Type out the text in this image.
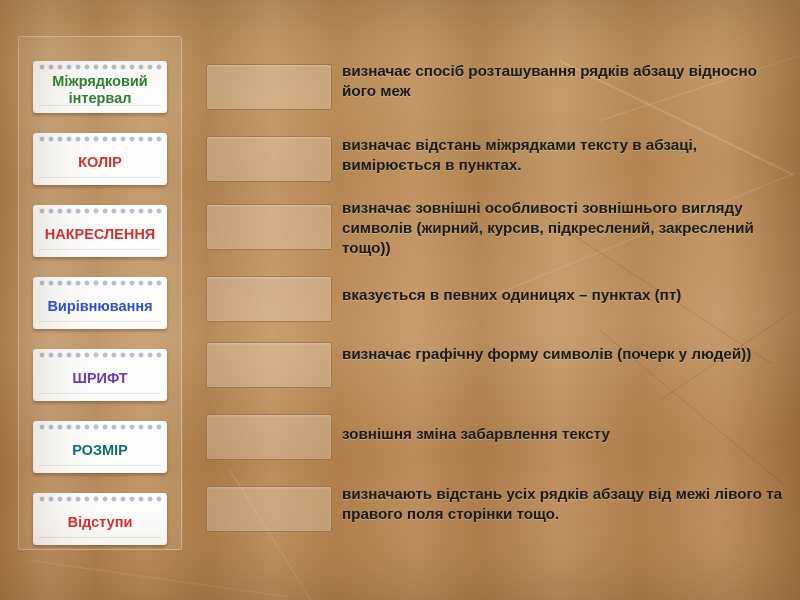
Міжрядковий інтервал
КОЛІР
НАКРЕСЛЕННЯ
Вирівнювання
ШРИФТ
РОЗМІР
Відступи
визначає спосіб розташування рядків абзацу відносно його меж
визначає відстань міжрядками тексту в абзаці, вимірюється в пунктах.
визначає зовнішні особливості зовнішнього вигляду символів (жирний, курсив, підкреслений, закреслений тощо))
вказується в певних одиницях – пунктах (пт)
визначає графічну форму символів (почерк у людей))
зовнішня зміна забарвлення тексту
визначають відстань усіх рядків абзацу від межі лівого та правого поля сторінки тощо.
